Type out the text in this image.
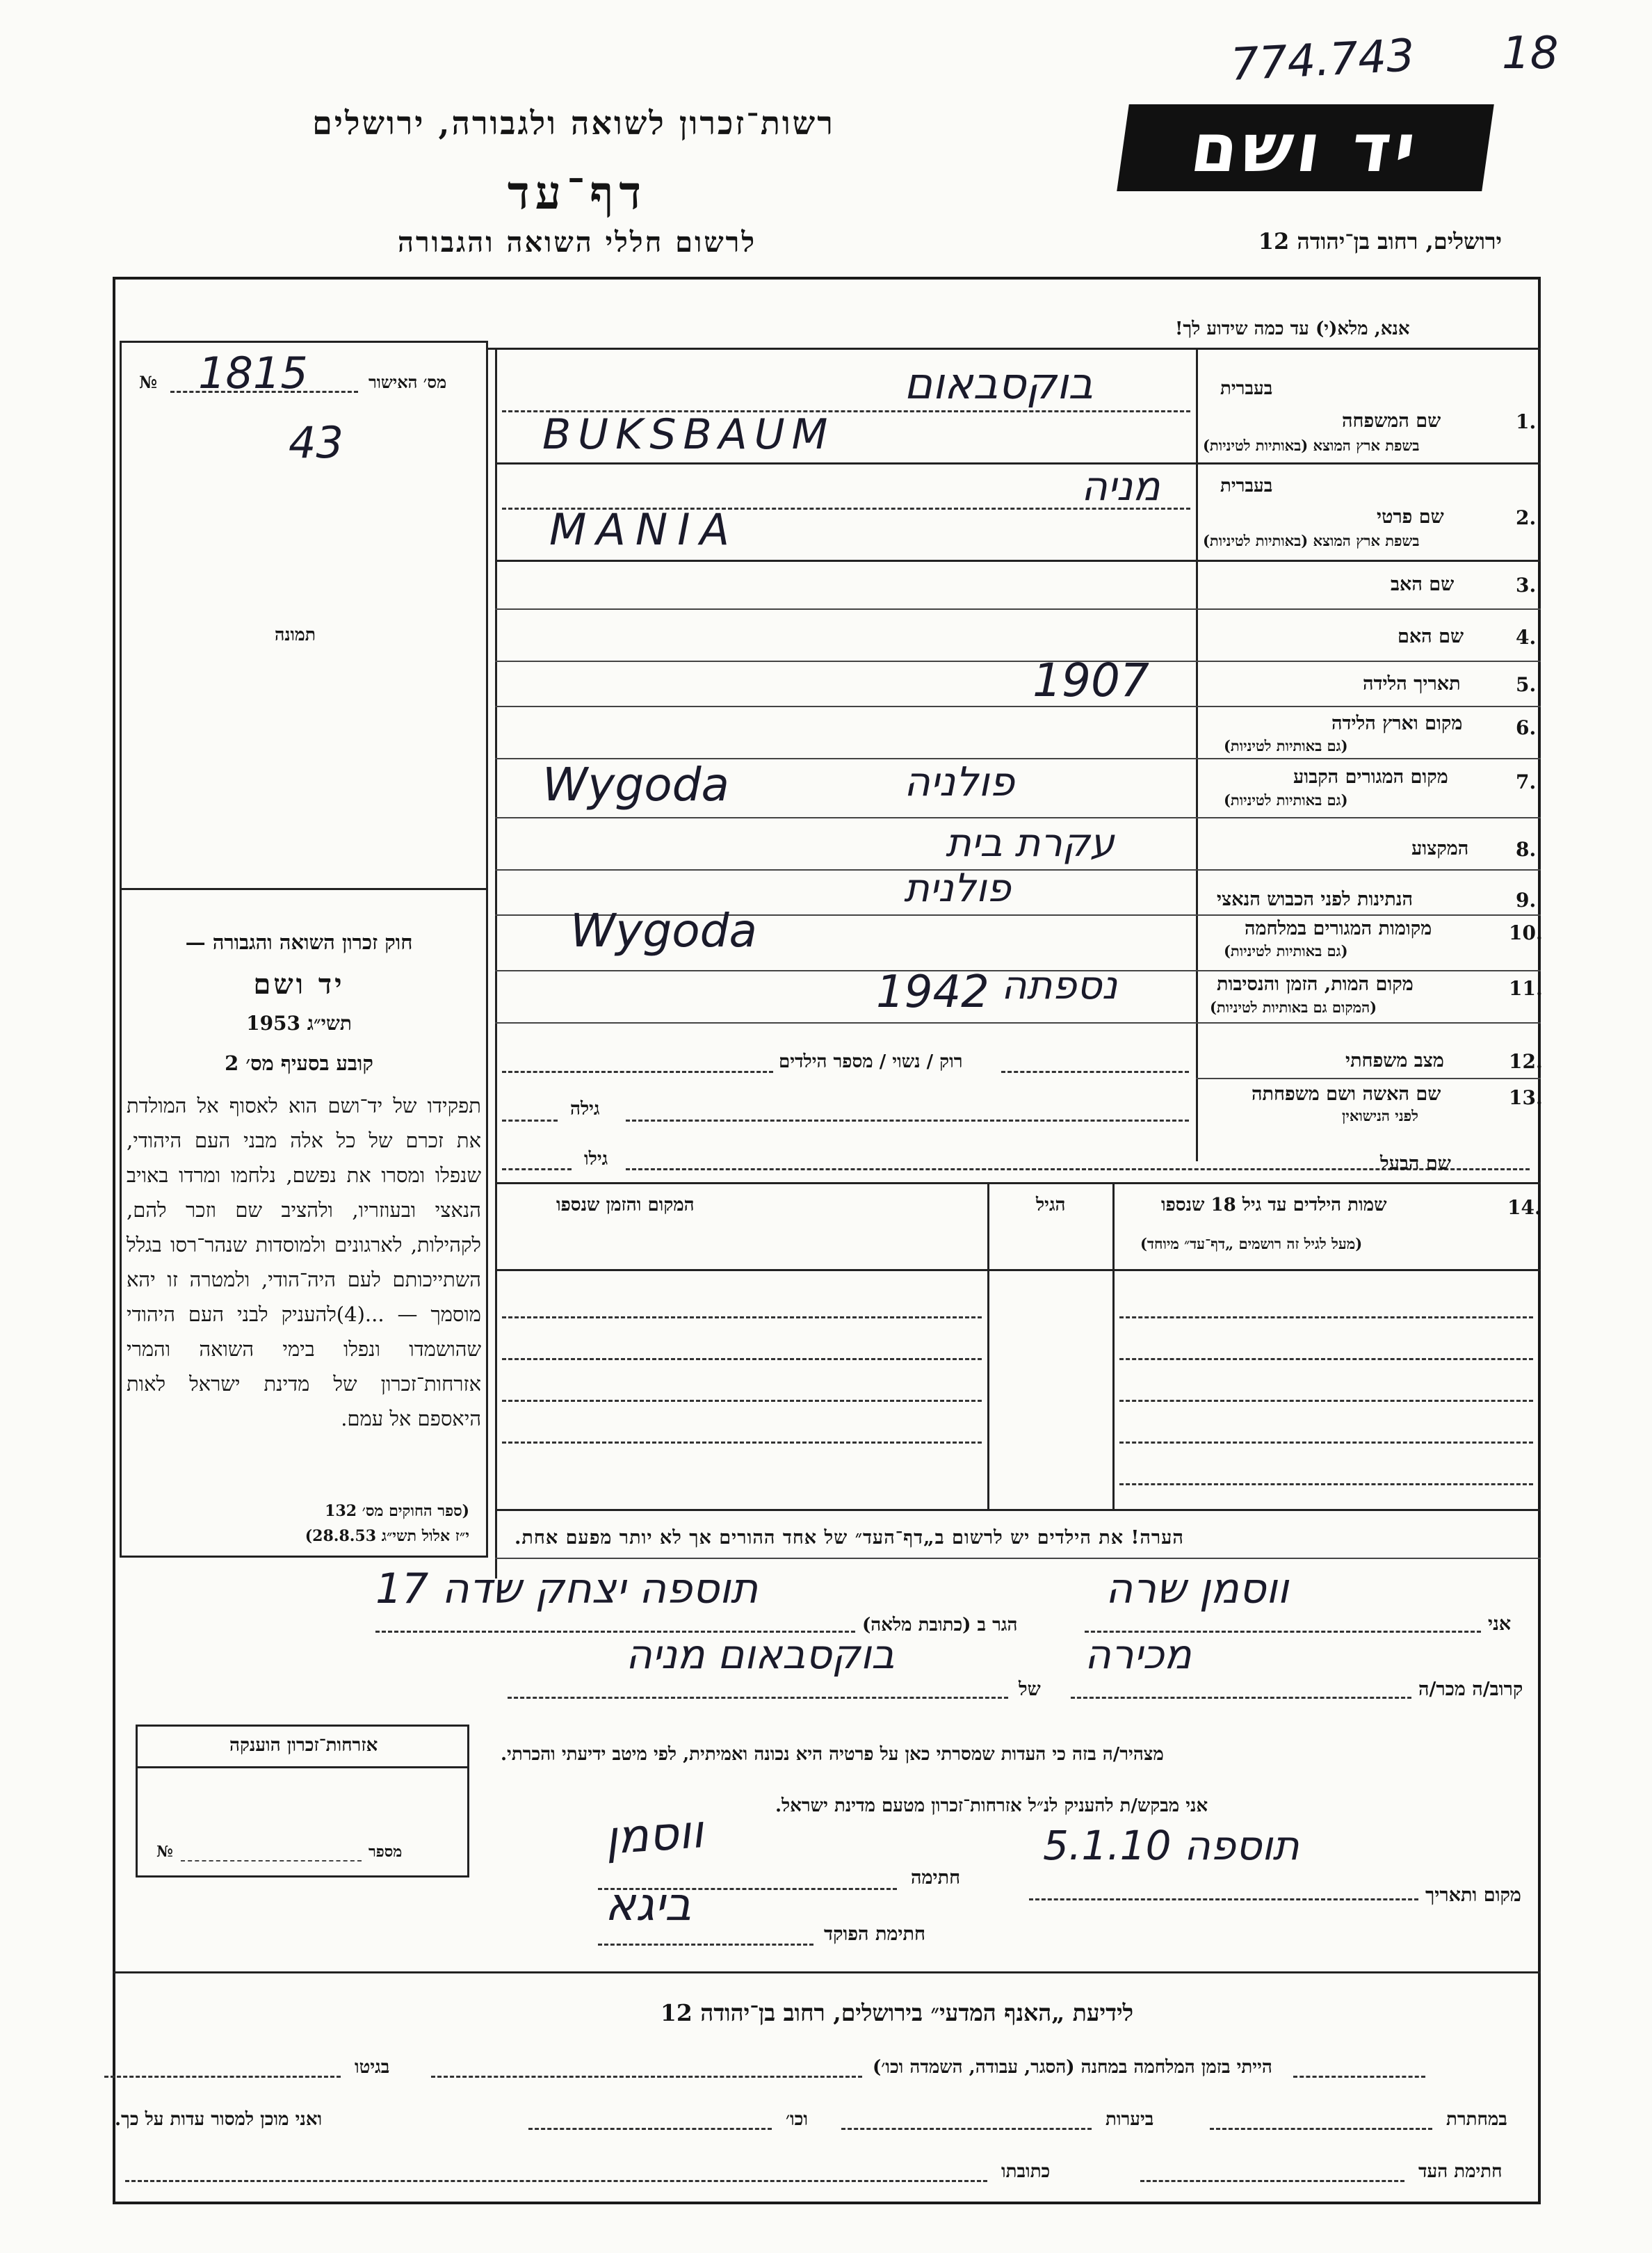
774.743 18
יד ושם
רשות־זכרון לשואה ולגבורה, ירושלים
דף־עד
לרשום חללי השואה והגבורה	ירושלים, רחוב בן־יהודה 12
מס׳ האישור
№ 1815
43
תמונה
חוק זכרון השואה והגבורה —
יד ושם
תשי״ג 1953
קובע בסעיף מס׳ 2
תפקידו של יד־ושם הוא לאסוף אל המולדת את זכרם של כל אלה מבני העם היהודי, שנפלו ומסרו את נפשם, נלחמו ומרדו באויב הנאצי ובעוזריו, ולהציב שם וזכר להם, לקהילות, לארגונים ולמוסדות שנהר־רסו בגלל השתייכותם לעם היה־הודי, ולמטרה זו יהא מוסמך — ...(4)להעניק לבני העם היהודי שהושמדו ונפלו בימי השואה והמרי אזרחות־זכרון של מדינת ישראל לאות היאספם אל עמם.
(ספר החוקים מס׳ 132
י״ז אלול תשי״ג 28.8.53)
אזרחות־זכרון הוענקה
מספר
№
אנא, מלא(י) עד כמה שידוע לך!
1.
שם המשפחה
בשפת ארץ המוצא (באותיות לטיניות)
בעברית
בוקסבאום
BUKSBAUM
2.
שם פרטי
בשפת ארץ המוצא (באותיות לטיניות)
בעברית
מניה
MANIA
3.
שם האב
4.
שם האם
5.
תאריך הלידה
1907
6.
מקום וארץ הלידה
(גם באותיות לטיניות)
7.
מקום המגורים הקבוע
(גם באותיות לטיניות)
פולניה
Wygoda
8.
המקצוע
עקרת בית
9.
הנתינות לפני הכבוש הנאצי
פולנית
10.
מקומות המגורים במלחמה
(גם באותיות לטיניות)
Wygoda
11.
מקום המות, הזמן והנסיבות
(המקום גם באותיות לטיניות)
1942 נספתה
12.
מצב משפחתי
רוק / נשוי / מספר הילדים
13.
שם האשה ושם משפחתה
לפני הנישואין
גילה
גילו	שם הבעל
14.
שמות הילדים עד גיל 18 שנספו
(מעל לגיל זה רושמים „דף־עד״ מיוחד)
הגיל
המקום והזמן שנספו
הערה! את הילדים יש לרשום ב„דף־העד״ של אחד ההורים אך לא יותר מפעם אחת.
אני
ווסמן שרה
הגר ב (כתובת מלאה)
תוספה יצחק שדה 17
קרוב/ה מכר/ה
מכירה
של
בוקסבאום מניה
מצהיר/ה בזה כי העדות שמסרתי כאן על פרטיה היא נכונה ואמיתית, לפי מיטב ידיעתי והכרתי.
אני מבקש/ת להעניק לנ״ל אזרחות־זכרון מטעם מדינת ישראל.
מקום ותאריך
תוספה 5.1.10
חתימה
ווסמן
חתימת הפוקד
ביגא
לידיעת „האנף המדעי״ בירושלים, רחוב בן־יהודה 12
הייתי בזמן המלחמה במחנה (הסגר, עבודה, השמדה וכו׳)
בגיטו
במחתרת
ביערות
וכו׳
ואני מוכן למסור עדות על כך.
חתימת העד
כתובתו
